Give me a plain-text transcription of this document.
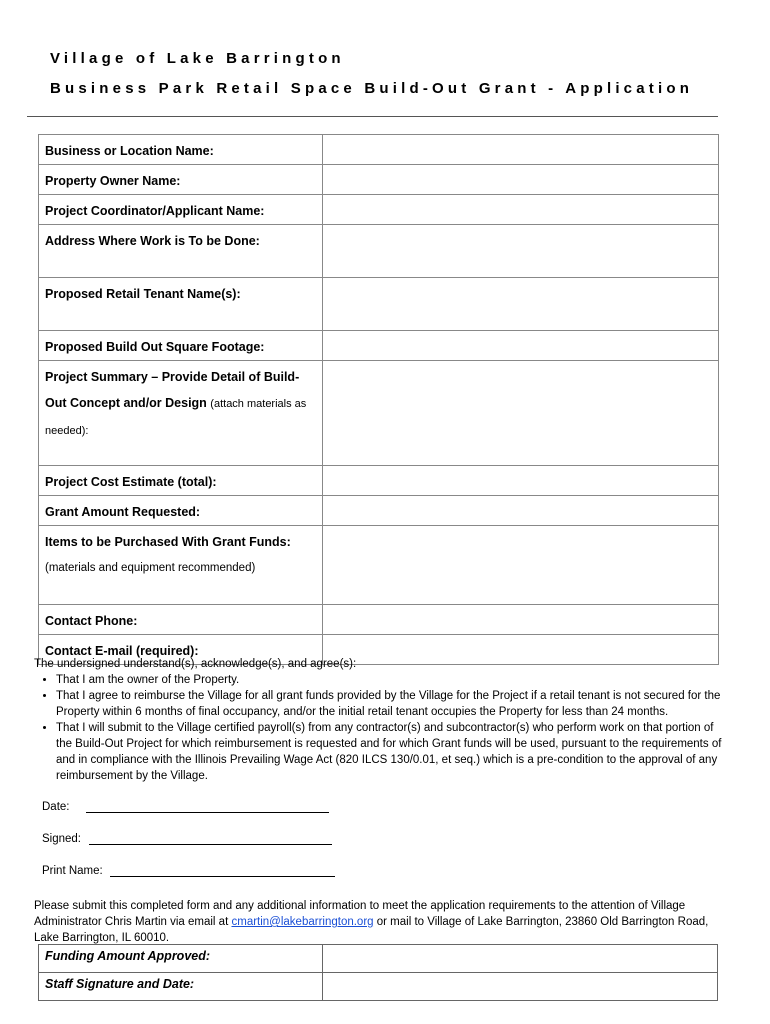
Village of Lake Barrington
Business Park Retail Space Build-Out Grant - Application
Business or Location Name:	
Property Owner Name:	
Project Coordinator/Applicant Name:	
Address Where Work is To be Done:	
Proposed Retail Tenant Name(s):	
Proposed Build Out Square Footage:	
Project Summary – Provide Detail of Build-Out Concept and/or Design (attach materials as needed):	
Project Cost Estimate (total):	
Grant Amount Requested:	

Items to be Purchased With Grant Funds:
(materials and equipment recommended)	

Contact Phone:	
Contact E-mail (required):	
The undersigned understand(s), acknowledge(s), and agree(s):
• That I am the owner of the Property.
• That I agree to reimburse the Village for all grant funds provided by the Village for the Project if a retail tenant is not secured for the Property within 6 months of final occupancy, and/or the initial retail tenant occupies the Property for less than 24 months.
• That I will submit to the Village certified payroll(s) from any contractor(s) and subcontractor(s) who perform work on that portion of the Build-Out Project for which reimbursement is requested and for which Grant funds will be used, pursuant to the requirements of and in compliance with the Illinois Prevailing Wage Act (820 ILCS 130/0.01, et seq.) which is a pre-condition to the approval of any reimbursement by the Village.
Date:
Signed:
Print Name:
Please submit this completed form and any additional information to meet the application requirements to the attention of Village Administrator Chris Martin via email at cmartin@lakebarrington.org or mail to Village of Lake Barrington, 23860 Old Barrington Road, Lake Barrington, IL 60010.
Funding Amount Approved:	
Staff Signature and Date:	
